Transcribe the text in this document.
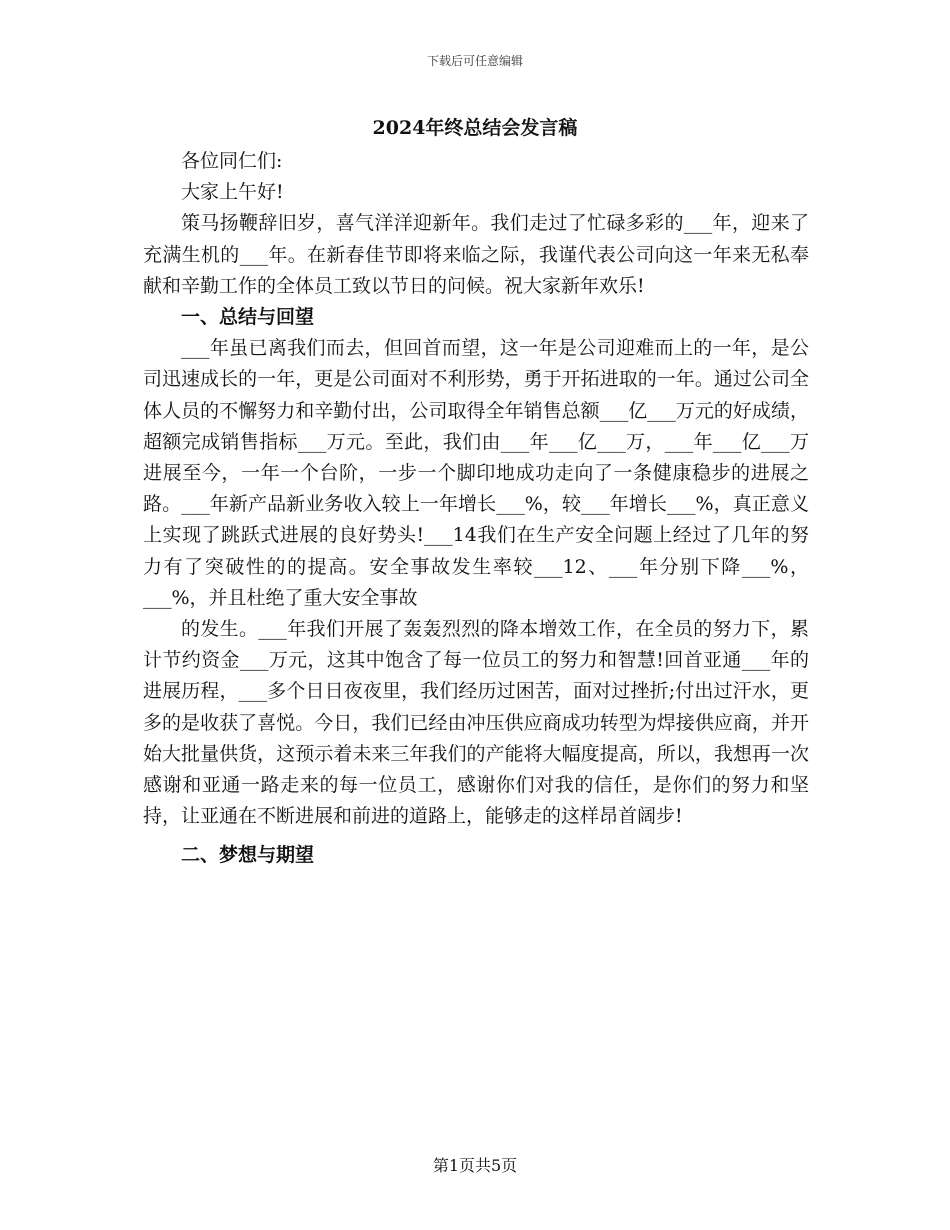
下载后可任意编辑
2024年终总结会发言稿

各位同仁们:

大家上午好!

策马扬鞭辞旧岁，喜气洋洋迎新年。我们走过了忙碌多彩的___年，迎来了充满生机的___年。在新春佳节即将来临之际，我谨代表公司向这一年来无私奉献和辛勤工作的全体员工致以节日的问候。祝大家新年欢乐!

一、总结与回望

___年虽已离我们而去，但回首而望，这一年是公司迎难而上的一年，是公司迅速成长的一年，更是公司面对不利形势，勇于开拓进取的一年。通过公司全体人员的不懈努力和辛勤付出，公司取得全年销售总额___亿___万元的好成绩，超额完成销售指标___万元。至此，我们由___年___亿___万，___年___亿___万进展至今，一年一个台阶，一步一个脚印地成功走向了一条健康稳步的进展之路。___年新产品新业务收入较上一年增长___%，较___年增长___%，真正意义上实现了跳跃式进展的良好势头!___14我们在生产安全问题上经过了几年的努力有了突破性的的提高。安全事故发生率较___12、___年分别下降___%，___%，并且杜绝了重大安全事故

的发生。___年我们开展了轰轰烈烈的降本增效工作，在全员的努力下，累计节约资金___万元，这其中饱含了每一位员工的努力和智慧!回首亚通___年的进展历程，___多个日日夜夜里，我们经历过困苦，面对过挫折;付出过汗水，更多的是收获了喜悦。今日，我们已经由冲压供应商成功转型为焊接供应商，并开始大批量供货，这预示着未来三年我们的产能将大幅度提高，所以，我想再一次感谢和亚通一路走来的每一位员工，感谢你们对我的信任，是你们的努力和坚持，让亚通在不断进展和前进的道路上，能够走的这样昂首阔步!

二、梦想与期望
第1页共5页
